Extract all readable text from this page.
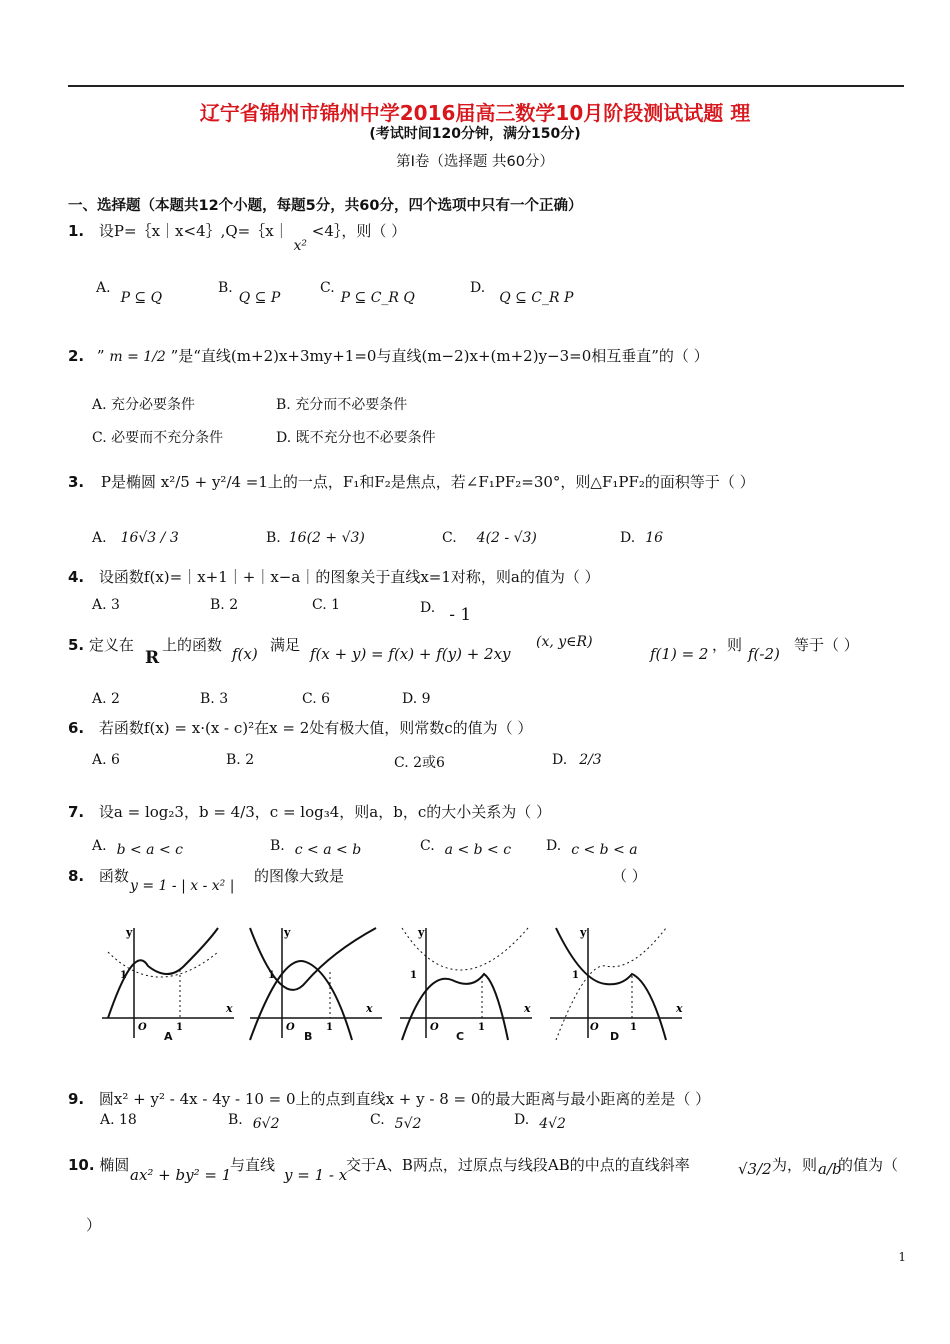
辽宁省锦州市锦州中学2016届高三数学10月阶段测试试题 理
(考试时间120分钟，满分150分)
第Ⅰ卷（选择题 共60分）
一、选择题（本题共12个小题，每题5分，共60分，四个选项中只有一个正确）
1. 设P=｛x｜x<4｝,Q=｛x｜ x² <4｝，则（ ）
A.P ⊆ Q
B.Q ⊆ P
C.P ⊆ C_R Q
D.Q ⊆ C_R P
2. ” m = 1/2 ”是“直线(m+2)x+3my+1=0与直线(m−2)x+(m+2)y−3=0相互垂直”的（ ）
A. 充分必要条件	B. 充分而不必要条件
C. 必要而不充分条件	D. 既不充分也不必要条件
3. P是椭圆 x²/5 + y²/4 =1上的一点，F₁和F₂是焦点，若∠F₁PF₂=30°，则△F₁PF₂的面积等于（ ）
A. 16√3 / 3	B. 16(2 + √3)	C. 4(2 - √3)	D. 16
4. 设函数f(x)=｜x+1｜+｜x−a｜的图象关于直线x=1对称，则a的值为（ ）
A. 3	B. 2	C. 1	D. - 1
5. 定义在
R
上的函数 f(x) 满足 f(x + y) = f(x) + f(y) + 2xy
(x, y∈R)
f(1) = 2 ，则 f(-2) 等于（ ）
A. 2	B. 3	C. 6	D. 9
6. 若函数f(x) = x·(x - c)²在x = 2处有极大值，则常数c的值为（ ）
A. 6	B. 2	C. 2或6	D. 2/3
7. 设a = log₂3，b = 4/3，c = log₃4，则a，b，c的大小关系为（ ）
A. b < a < c	B. c < a < b	C. a < b < c D. c < b < a
8. 函数
y = 1 - | x - x² |
的图像大致是	（ ）
y
x
1
O	1
y
x
1
O	1
y
x
1
O	1
y
x
1
O	1
A	B	C	D
9. 圆x² + y² - 4x - 4y - 10 = 0上的点到直线x + y - 8 = 0的最大距离与最小距离的差是（ ）
A. 18	B. 6√2	C. 5√2	D. 4√2
10. 椭圆
ax² + by² = 1
与直线
y = 1 - x
交于A、B两点，过原点与线段AB的中点的直线斜率	√3/2 为，则 a/b
的值为（
）
1
